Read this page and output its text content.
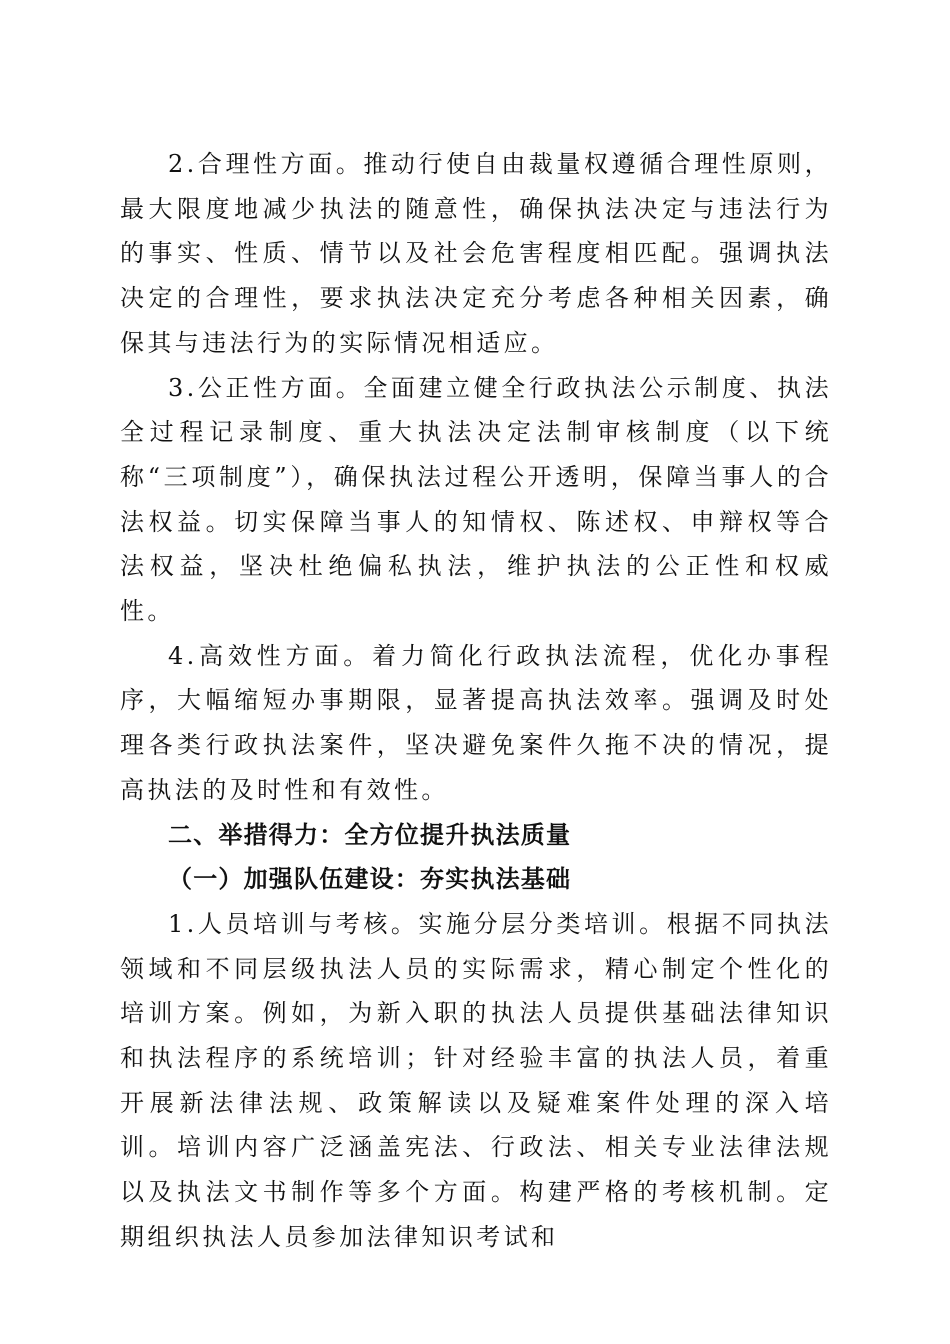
2.合理性方面。推动行使自由裁量权遵循合理性原则，最大限度地减少执法的随意性，确保执法决定与违法行为的事实、性质、情节以及社会危害程度相匹配。强调执法决定的合理性，要求执法决定充分考虑各种相关因素，确保其与违法行为的实际情况相适应。

3.公正性方面。全面建立健全行政执法公示制度、执法全过程记录制度、重大执法决定法制审核制度（以下统称“三项制度”），确保执法过程公开透明，保障当事人的合法权益。切实保障当事人的知情权、陈述权、申辩权等合法权益，坚决杜绝偏私执法，维护执法的公正性和权威性。

4.高效性方面。着力简化行政执法流程，优化办事程序，大幅缩短办事期限，显著提高执法效率。强调及时处理各类行政执法案件，坚决避免案件久拖不决的情况，提高执法的及时性和有效性。

二、举措得力：全方位提升执法质量

（一）加强队伍建设：夯实执法基础

1.人员培训与考核。实施分层分类培训。根据不同执法领域和不同层级执法人员的实际需求，精心制定个性化的培训方案。例如，为新入职的执法人员提供基础法律知识和执法程序的系统培训；针对经验丰富的执法人员，着重开展新法律法规、政策解读以及疑难案件处理的深入培训。培训内容广泛涵盖宪法、行政法、相关专业法律法规以及执法文书制作等多个方面。构建严格的考核机制。定期组织执法人员参加法律知识考试和
